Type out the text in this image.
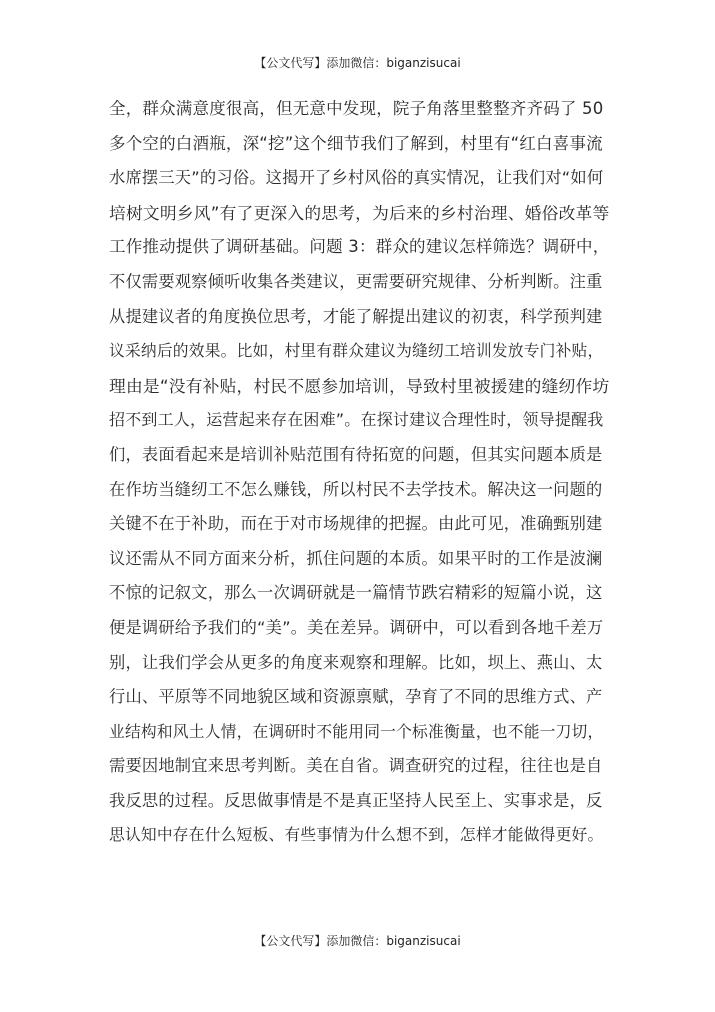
【公文代写】添加微信：biganzisucai
全，群众满意度很高，但无意中发现，院子角落里整整齐齐码了 50
多个空的白酒瓶，深“挖”这个细节我们了解到，村里有“红白喜事流
水席摆三天”的习俗。这揭开了乡村风俗的真实情况，让我们对“如何
培树文明乡风”有了更深入的思考，为后来的乡村治理、婚俗改革等
工作推动提供了调研基础。问题 3：群众的建议怎样筛选？调研中，
不仅需要观察倾听收集各类建议，更需要研究规律、分析判断。注重
从提建议者的角度换位思考，才能了解提出建议的初衷，科学预判建
议采纳后的效果。比如，村里有群众建议为缝纫工培训发放专门补贴，
理由是“没有补贴，村民不愿参加培训，导致村里被援建的缝纫作坊
招不到工人，运营起来存在困难”。在探讨建议合理性时，领导提醒我
们，表面看起来是培训补贴范围有待拓宽的问题，但其实问题本质是
在作坊当缝纫工不怎么赚钱，所以村民不去学技术。解决这一问题的
关键不在于补助，而在于对市场规律的把握。由此可见，准确甄别建
议还需从不同方面来分析，抓住问题的本质。如果平时的工作是波澜
不惊的记叙文，那么一次调研就是一篇情节跌宕精彩的短篇小说，这
便是调研给予我们的“美”。美在差异。调研中，可以看到各地千差万
别，让我们学会从更多的角度来观察和理解。比如，坝上、燕山、太
行山、平原等不同地貌区域和资源禀赋，孕育了不同的思维方式、产
业结构和风土人情，在调研时不能用同一个标准衡量，也不能一刀切，
需要因地制宜来思考判断。美在自省。调查研究的过程，往往也是自
我反思的过程。反思做事情是不是真正坚持人民至上、实事求是，反
思认知中存在什么短板、有些事情为什么想不到，怎样才能做得更好。
【公文代写】添加微信：biganzisucai
